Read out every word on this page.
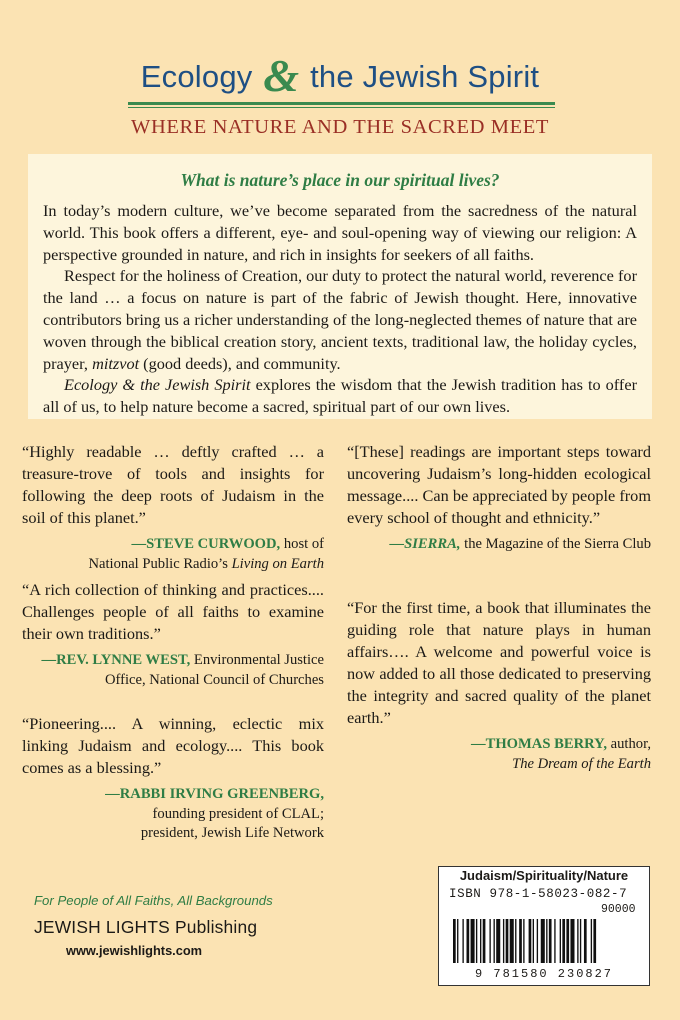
Ecology & the Jewish Spirit
WHERE NATURE AND THE SACRED MEET
What is nature’s place in our spiritual lives?

In today’s modern culture, we’ve become separated from the sacredness of the natural world. This book offers a different, eye- and soul-opening way of viewing our religion: A perspective grounded in nature, and rich in insights for seekers of all faiths.

Respect for the holiness of Creation, our duty to protect the natural world, reverence for the land … a focus on nature is part of the fabric of Jewish thought. Here, innovative contributors bring us a richer understanding of the long-neglected themes of nature that are woven through the biblical creation story, ancient texts, traditional law, the holiday cycles, prayer, mitzvot (good deeds), and community.

Ecology & the Jewish Spirit explores the wisdom that the Jewish tradition has to offer all of us, to help nature become a sacred, spiritual part of our own lives.

“Highly readable … deftly crafted … a treasure-trove of tools and insights for following the deep roots of Judaism in the soil of this planet.”

—STEVE CURWOOD, host of
National Public Radio’s Living on Earth

“A rich collection of thinking and practices.... Challenges people of all faiths to examine their own traditions.”

—REV. LYNNE WEST, Environmental Justice
Office, National Council of Churches

“Pioneering.... A winning, eclectic mix linking Judaism and ecology.... This book comes as a blessing.”

—RABBI IRVING GREENBERG,
founding president of CLAL;
president, Jewish Life Network

“[These] readings are important steps toward uncovering Judaism’s long-hidden ecological message.... Can be appreciated by people from every school of thought and ethnicity.”

—SIERRA, the Magazine of the Sierra Club

“For the first time, a book that illuminates the guiding role that nature plays in human affairs…. A welcome and powerful voice is now added to all those dedicated to preserving the integrity and sacred quality of the planet earth.”

—THOMAS BERRY, author,
The Dream of the Earth
For People of All Faiths, All Backgrounds
JEWISH LIGHTS Publishing
www.jewishlights.com
Judaism/Spirituality/Nature
ISBN 978-1-58023-082-7
90000
9 781580 230827
